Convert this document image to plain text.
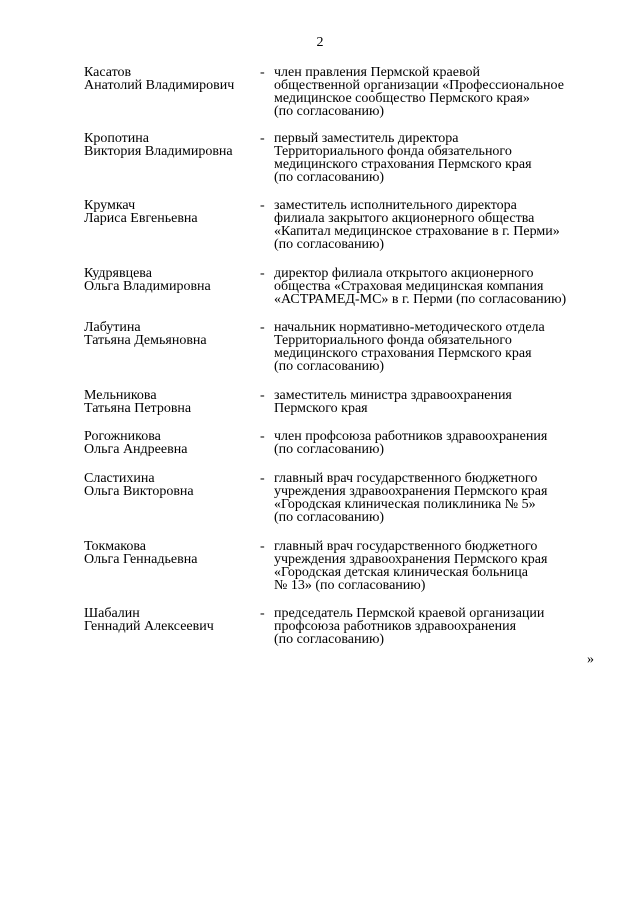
2
Касатов
Анатолий Владимирович
- член правления Пермской краевой
общественной организации «Профессиональное
медицинское сообщество Пермского края»
(по согласованию)
Кропотина
Виктория Владимировна
- первый заместитель директора
Территориального фонда обязательного
медицинского страхования Пермского края
(по согласованию)
Крумкач
Лариса Евгеньевна
- заместитель исполнительного директора
филиала закрытого акционерного общества
«Капитал медицинское страхование в г. Перми»
(по согласованию)
Кудрявцева
Ольга Владимировна
- директор филиала открытого акционерного
общества «Страховая медицинская компания
«АСТРАМЕД-МС» в г. Перми (по согласованию)
Лабутина
Татьяна Демьяновна
- начальник нормативно-методического отдела
Территориального фонда обязательного
медицинского страхования Пермского края
(по согласованию)
Мельникова
Татьяна Петровна
- заместитель министра здравоохранения
Пермского края
Рогожникова
Ольга Андреевна
- член профсоюза работников здравоохранения
(по согласованию)
Сластихина
Ольга Викторовна
- главный врач государственного бюджетного
учреждения здравоохранения Пермского края
«Городская клиническая поликлиника № 5»
(по согласованию)
Токмакова
Ольга Геннадьевна
- главный врач государственного бюджетного
учреждения здравоохранения Пермского края
«Городская детская клиническая больница
№ 13» (по согласованию)
Шабалин
Геннадий Алексеевич
- председатель Пермской краевой организации
профсоюза работников здравоохранения
(по согласованию)
»
